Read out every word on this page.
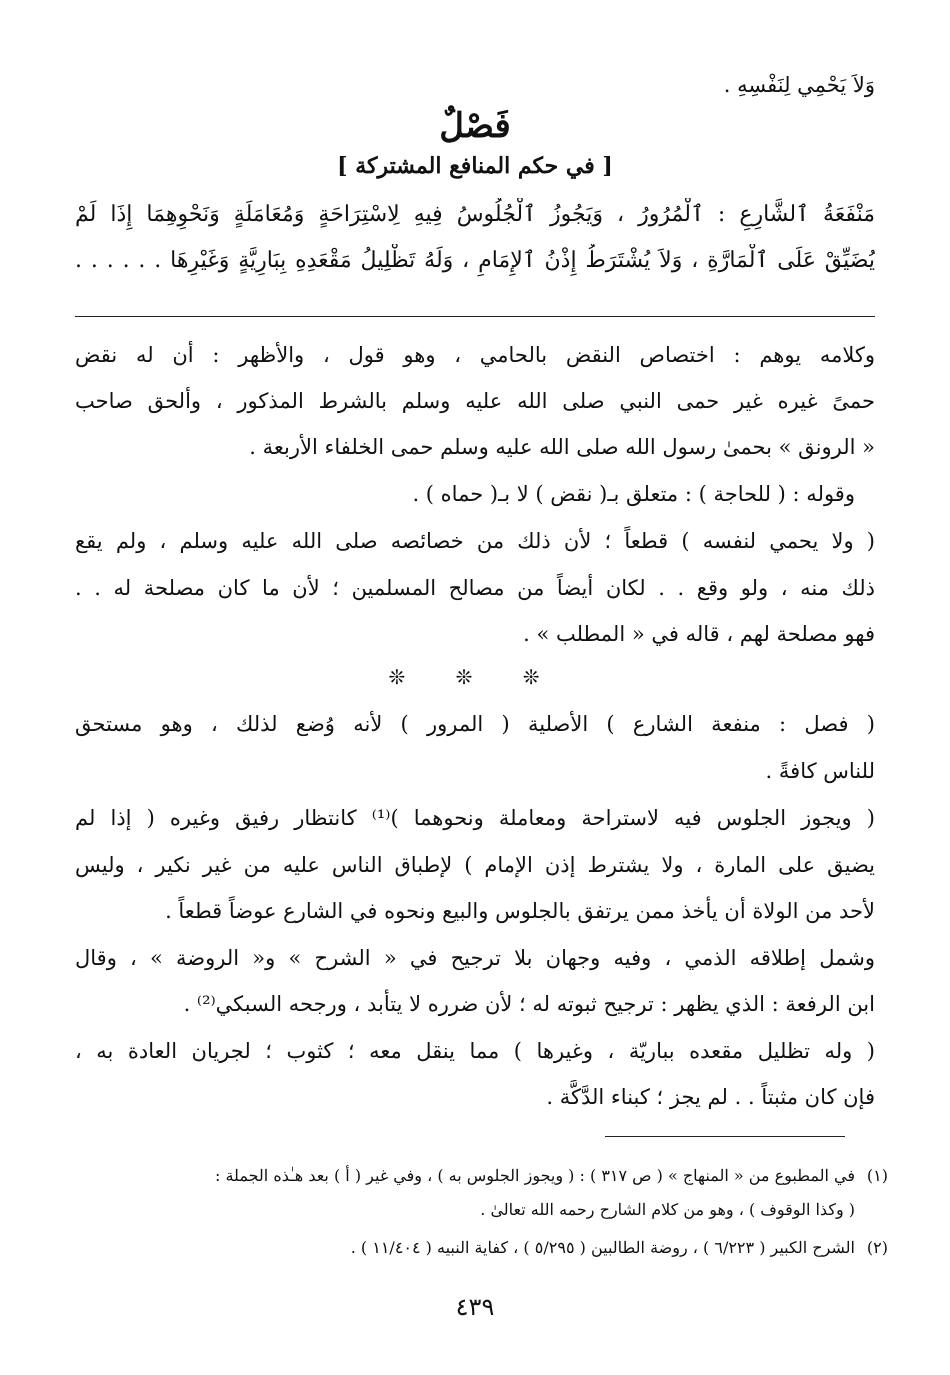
وَلاَ يَحْمِي لِنَفْسِهِ .
فَصْلٌ
[ في حكم المنافع المشتركة ]
مَنْفَعَةُ ٱلشَّارِعِ : ٱلْمُرُورُ ، وَيَجُوزُ ٱلْجُلُوسُ فِيهِ لِاسْتِرَاحَةٍ وَمُعَامَلَةٍ وَنَحْوِهِمَا إِذَا لَمْ
يُضَيِّقْ عَلَى ٱلْمَارَّةِ ، وَلاَ يُشْتَرَطُ إِذْنُ ٱلإِمَامِ ، وَلَهُ تَظْلِيلُ مَقْعَدِهِ بِبَارِيَّةٍ وَغَيْرِهَا . . . . . .
وكلامه يوهم : اختصاص النقض بالحامي ، وهو قول ، والأظهر : أن له نقض
حمىً غيره غير حمى النبي صلى الله عليه وسلم بالشرط المذكور ، وألحق صاحب
« الرونق » بحمىٰ رسول الله صلى الله عليه وسلم حمى الخلفاء الأربعة .
وقوله : ( للحاجة ) : متعلق بـ( نقض ) لا بـ( حماه ) .
( ولا يحمي لنفسه ) قطعاً ؛ لأن ذلك من خصائصه صلى الله عليه وسلم ، ولم يقع
ذلك منه ، ولو وقع . . لكان أيضاً من مصالح المسلمين ؛ لأن ما كان مصلحة له . .
فهو مصلحة لهم ، قاله في « المطلب » .
❊ ❊ ❊
( فصل : منفعة الشارع ) الأصلية ( المرور ) لأنه وُضع لذلك ، وهو مستحق
للناس كافةً .
( ويجوز الجلوس فيه لاستراحة ومعاملة ونحوهما )⁽¹⁾ كانتظار رفيق وغيره ( إذا لم
يضيق على المارة ، ولا يشترط إذن الإمام ) لإطباق الناس عليه من غير نكير ، وليس
لأحد من الولاة أن يأخذ ممن يرتفق بالجلوس والبيع ونحوه في الشارع عوضاً قطعاً .
وشمل إطلاقه الذمي ، وفيه وجهان بلا ترجيح في « الشرح » و« الروضة » ، وقال
ابن الرفعة : الذي يظهر : ترجيح ثبوته له ؛ لأن ضرره لا يتأبد ، ورجحه السبكي⁽²⁾ .
( وله تظليل مقعده بباريّة ، وغيرها ) مما ينقل معه ؛ كثوب ؛ لجريان العادة به ،
فإن كان مثبتاً . . لم يجز ؛ كبناء الدَّكَّة .
(١)
في المطبوع من « المنهاج » ( ص ٣١٧ ) : ( ويجوز الجلوس به ) ، وفي غير ( أ ) بعد هـٰذه الجملة :
( وكذا الوقوف ) ، وهو من كلام الشارح رحمه الله تعالىٰ .
(٢)
الشرح الكبير ( ٦/٢٢٣ ) ، روضة الطالبين ( ٥/٢٩٥ ) ، كفاية النبيه ( ١١/٤٠٤ ) .
٤٣٩
